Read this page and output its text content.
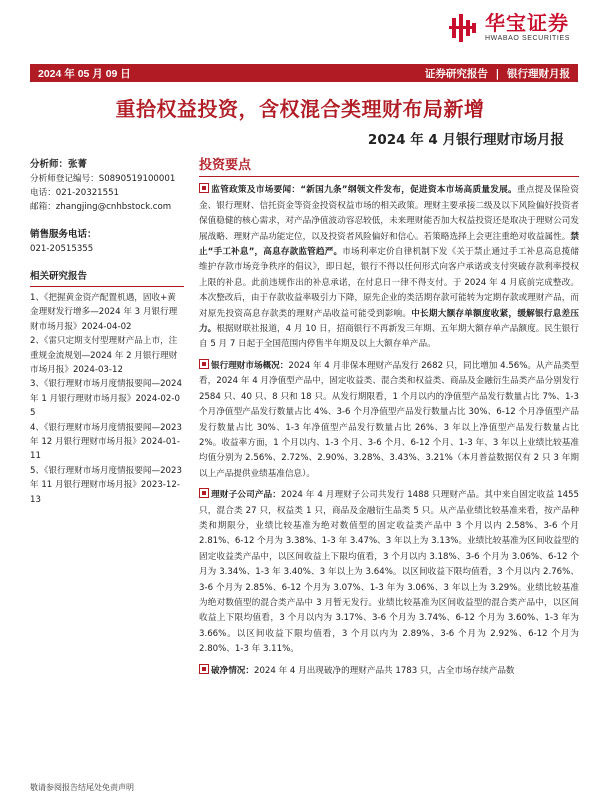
华宝证券
HWABAO SECURITIES
2024 年 05 月 09 日	证券研究报告 | 银行理财月报
重拾权益投资，含权混合类理财布局新增
2024 年 4 月银行理财市场月报
分析师：张菁
分析师登记编号：S0890519100001
电话：021-20321551
邮箱：zhangjing@cnhbstock.com
销售服务电话：
021-20515355
相关研究报告
1、《把握黄金资产配置机遇，固收+黄金理财发行增多—2024 年 3 月银行理财市场月报》2024-04-02
2、《雷只定期支付型理财产品上市，注重规金流规划—2024 年 2 月银行理财市场月报》2024-03-12
3、《银行理财市场月度情报要闻—2024 年 1 月银行理财市场月报》2024-02-05
4、《银行理财市场月度情报要闻—2023 年 12 月银行理财市场月报》2024-01-11
5、《银行理财市场月度情报要闻—2023 年 11 月银行理财市场月报》2023-12-13
投资要点
监管政策及市场要闻：“新国九条”纲领文件发布，促进资本市场高质量发展。重点提及保险资金、银行理财、信托资金等资金投资权益市场的相关政策。理财主要承接二级及以下风险偏好投资者保值稳健的核心需求，对产品净值波动容忍较低，未来理财能否加大权益投资还是取决于理财公司发展战略、理财产品功能定位，以及投资者风险偏好和信心。若策略选择上会更注重绝对收益属性。禁止“手工补息”，高息存款监管趋严。市场利率定价自律机制下发《关于禁止通过手工补息高息揽储维护存款市场竞争秩序的倡议》，即日起，银行不得以任何形式向客户承诺或支付突破存款利率授权上限的补息。此前违规作出的补息承诺，在付息日一律不得支付。于 2024 年 4 月底前完成整改。本次整改后，由于存款收益率吸引力下降，原先企业的类活期存款可能转为定期存款或理财产品，而对原先投资高息存款类的理财产品收益可能受到影响。中长期大额存单额度收紧，缓解银行息差压力。根据财联社报道，4 月 10 日，招商银行不再新发三年期、五年期大额存单产品额度。民生银行自 5 月 7 日起于全国范围内停售半年期及以上大额存单产品。
银行理财市场概况：2024 年 4 月非保本理财产品发行 2682 只，同比增加 4.56%。从产品类型看，2024 年 4 月净值型产品中，固定收益类、混合类和权益类、商品及金融衍生品类产品分别发行 2584 只、40 只、8 只和 18 只。从发行期限看，1 个月以内的净值型产品发行数量占比 7%、1-3 个月净值型产品发行数量占比 4%、3-6 个月净值型产品发行数量占比 30%、6-12 个月净值型产品发行数量占比 30%、1-3 年净值型产品发行数量占比 26%、3 年以上净值型产品发行数量占比 2%。收益率方面，1 个月以内、1-3 个月、3-6 个月、6-12 个月、1-3 年、3 年以上业绩比较基准均值分别为 2.56%、2.72%、2.90%、3.28%、3.43%、3.21%（本月普益数据仅有 2 只 3 年期以上产品提供业绩基准信息）。
理财子公司产品：2024 年 4 月理财子公司共发行 1488 只理财产品。其中来自固定收益 1455 只，混合类 27 只，权益类 1 只，商品及金融衍生品类 5 只。从产品业绩比较基准来看，按产品种类和期限分，业绩比较基准为绝对数值型的固定收益类产品中 3 个月以内 2.58%、3-6 个月 2.81%、6-12 个月为 3.38%、1-3 年 3.47%、3 年以上为 3.13%。业绩比较基准为区间收益型的固定收益类产品中，以区间收益上下限均值看，3 个月以内 3.18%、3-6 个月为 3.06%、6-12 个月为 3.34%、1-3 年 3.40%、3 年以上为 3.64%。以区间收益下限均值看，3 个月以内 2.76%、3-6 个月为 2.85%、6-12 个月为 3.07%、1-3 年为 3.06%、3 年以上为 3.29%。业绩比较基准为绝对数值型的混合类产品中 3 月暂无发行。业绩比较基准为区间收益型的混合类产品中，以区间收益上下限均值看，3 个月以内为 3.17%、3-6 个月为 3.74%、6-12 个月为 3.60%、1-3 年为 3.66%。以区间收益下限均值看，3 个月以内为 2.89%、3-6 个月为 2.92%、6-12 个月为 2.80%、1-3 年 3.11%。
破净情况：2024 年 4 月出现破净的理财产品共 1783 只，占全市场存续产品数
敬请参阅报告结尾处免责声明
